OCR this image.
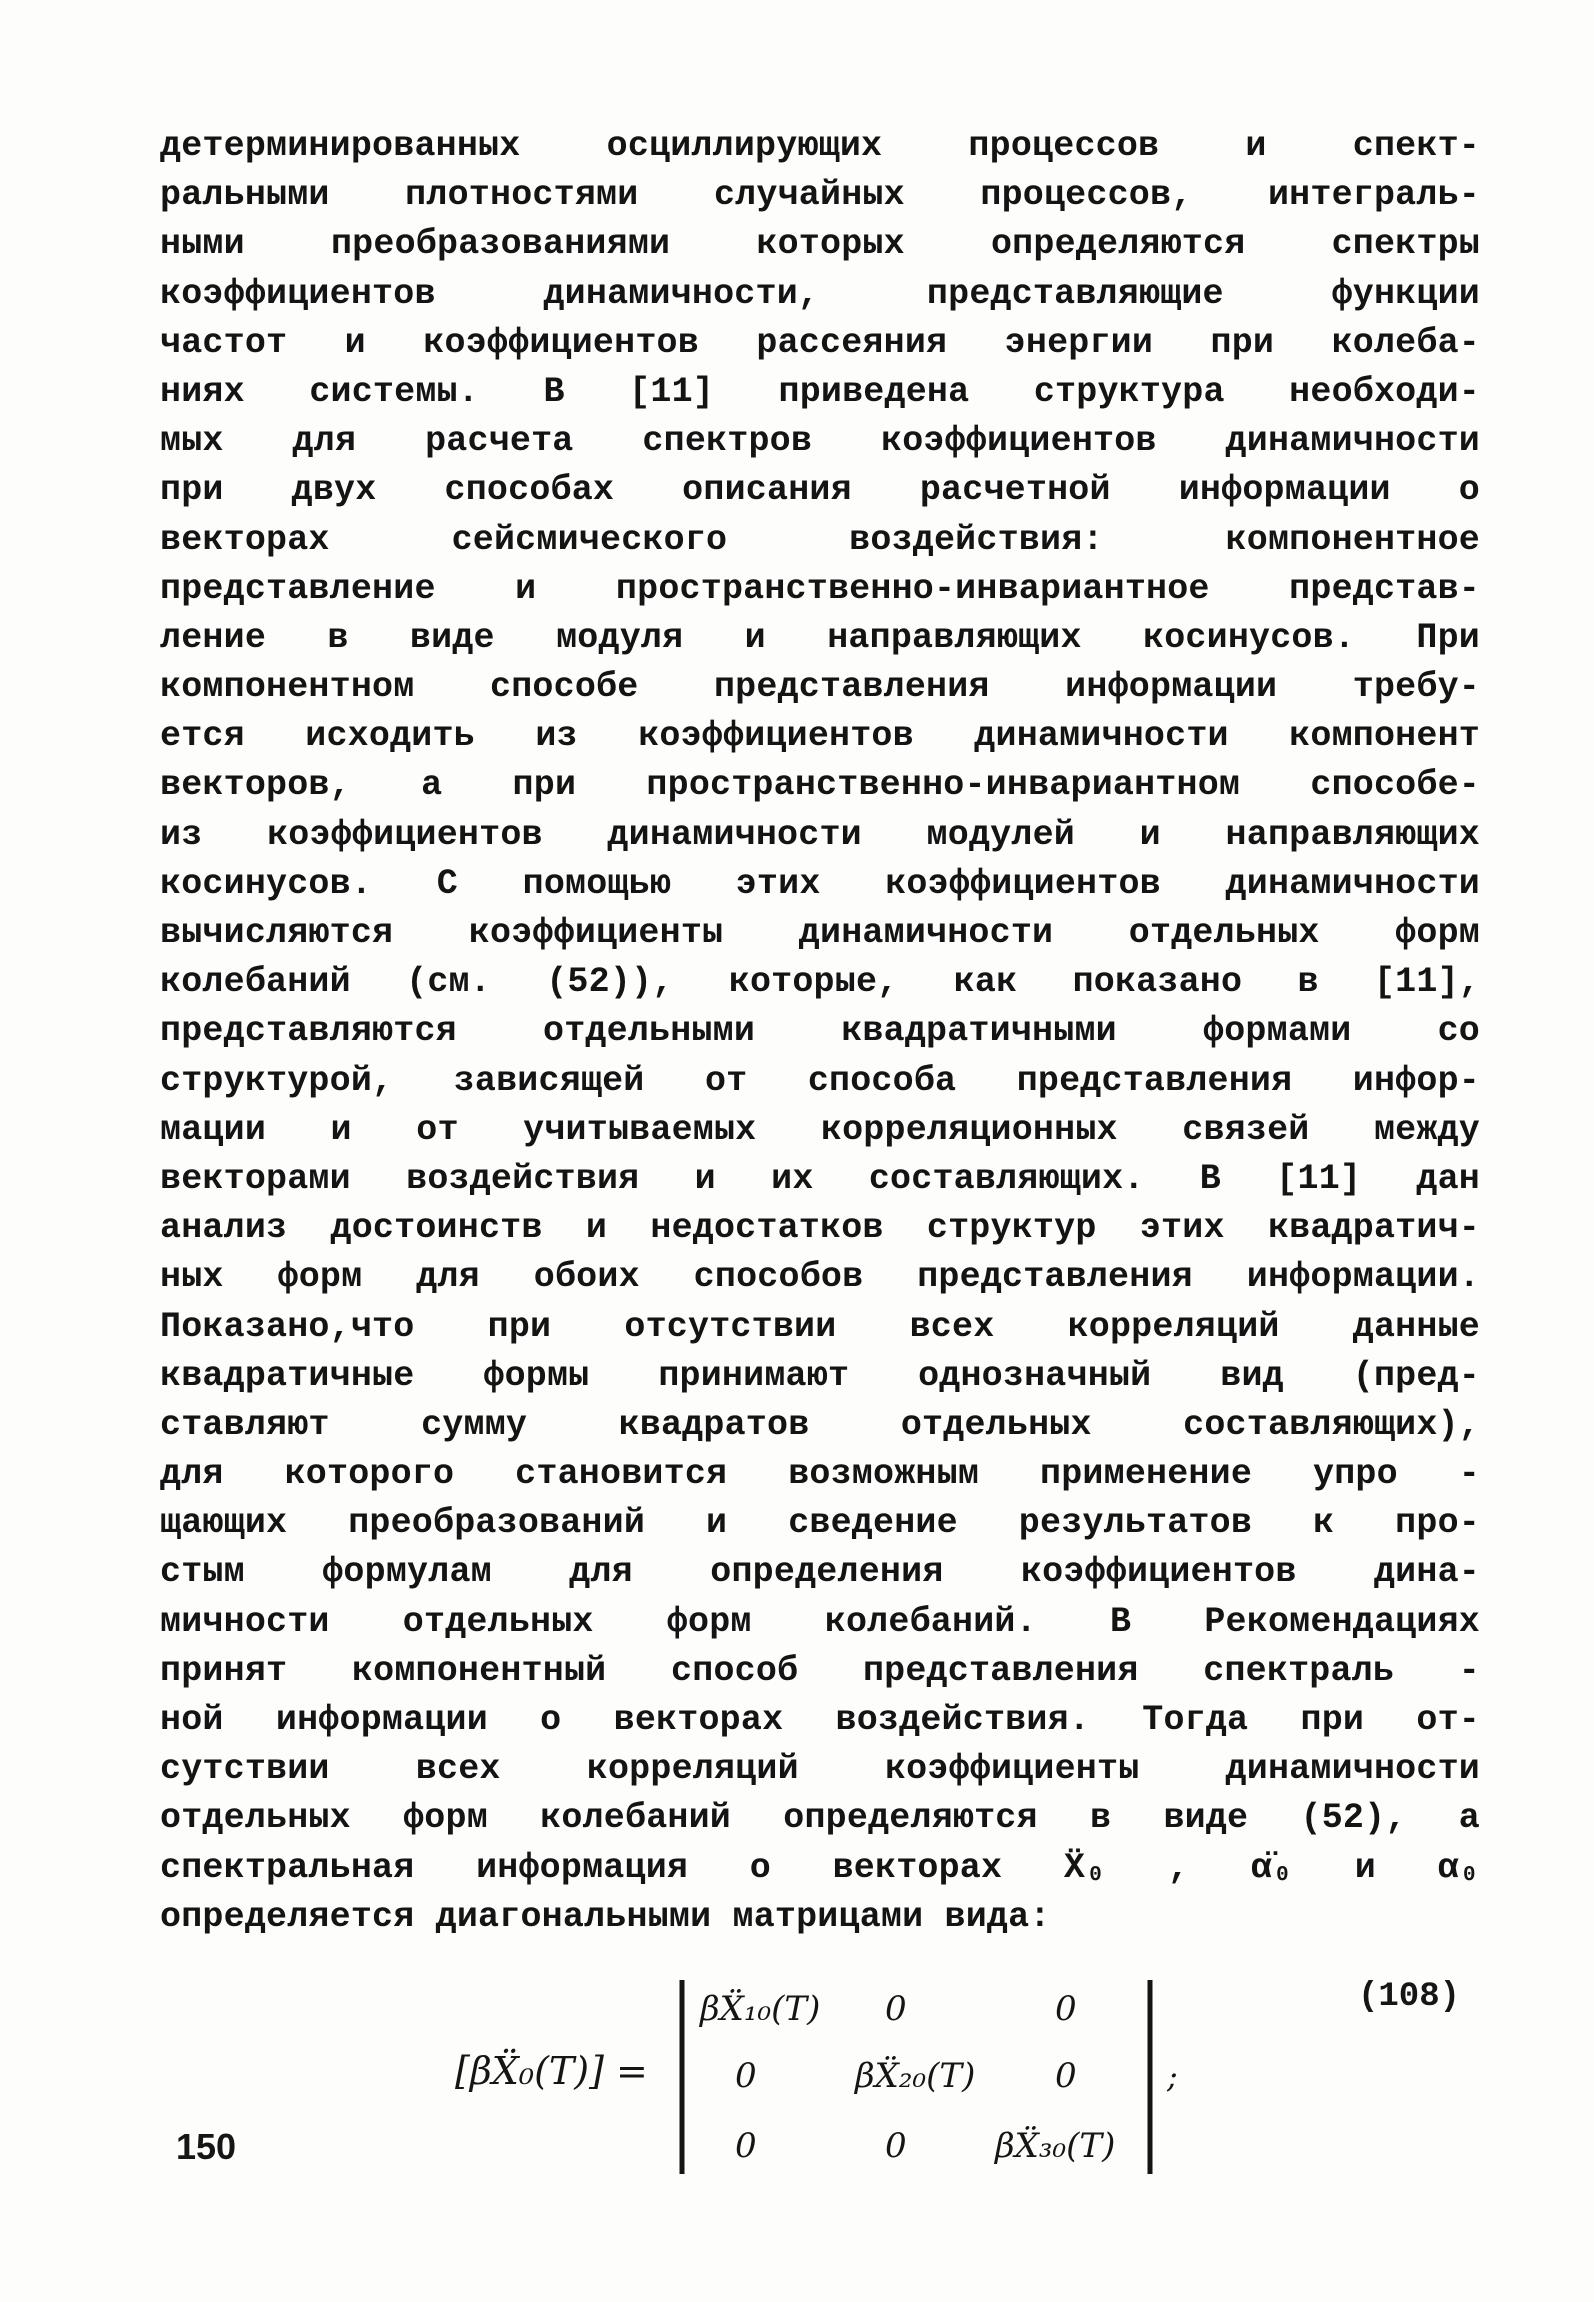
детерминированных осциллирующих процессов и спект-
ральными плотностями случайных процессов, интеграль-
ными преобразованиями которых определяются спектры
коэффициентов динамичности, представляющие функции
частот и коэффициентов рассеяния энергии при колеба-
ниях системы. В [11] приведена структура необходи-
мых для расчета спектров коэффициентов динамичности
при двух способах описания расчетной информации о
векторах сейсмического воздействия: компонентное
представление и пространственно-инвариантное представ-
ление в виде модуля и направляющих косинусов. При
компонентном способе представления информации требу-
ется исходить из коэффициентов динамичности компонент
векторов, а при пространственно-инвариантном способе-
из коэффициентов динамичности модулей и направляющих
косинусов. С помощью этих коэффициентов динамичности
вычисляются коэффициенты динамичности отдельных форм
колебаний (см. (52)), которые, как показано в [11],
представляются отдельными квадратичными формами со
структурой, зависящей от способа представления инфор-
мации и от учитываемых корреляционных связей между
векторами воздействия и их составляющих. В [11] дан
анализ достоинств и недостатков структур этих квадратич-
ных форм для обоих способов представления информации.
Показано,что при отсутствии всех корреляций данные
квадратичные формы принимают однозначный вид (пред-
ставляют сумму квадратов отдельных составляющих),
для которого становится возможным применение упро -
щающих преобразований и сведение результатов к про-
стым формулам для определения коэффициентов дина-
мичности отдельных форм колебаний. В Рекомендациях
принят компонентный способ представления спектраль -
ной информации о векторах воздействия. Тогда при от-
сутствии всех корреляций коэффициенты динамичности
отдельных форм колебаний определяются в виде (52), а
спектральная информация о векторах Ẍ₀ , α̈₀ и α₀
определяется диагональными матрицами вида:
[βẌ₀(T)] =
βẌ₁₀(T) 0	0
0	βẌ₂₀(T) 0
0	0	βẌ₃₀(T)
;
(108)
150
